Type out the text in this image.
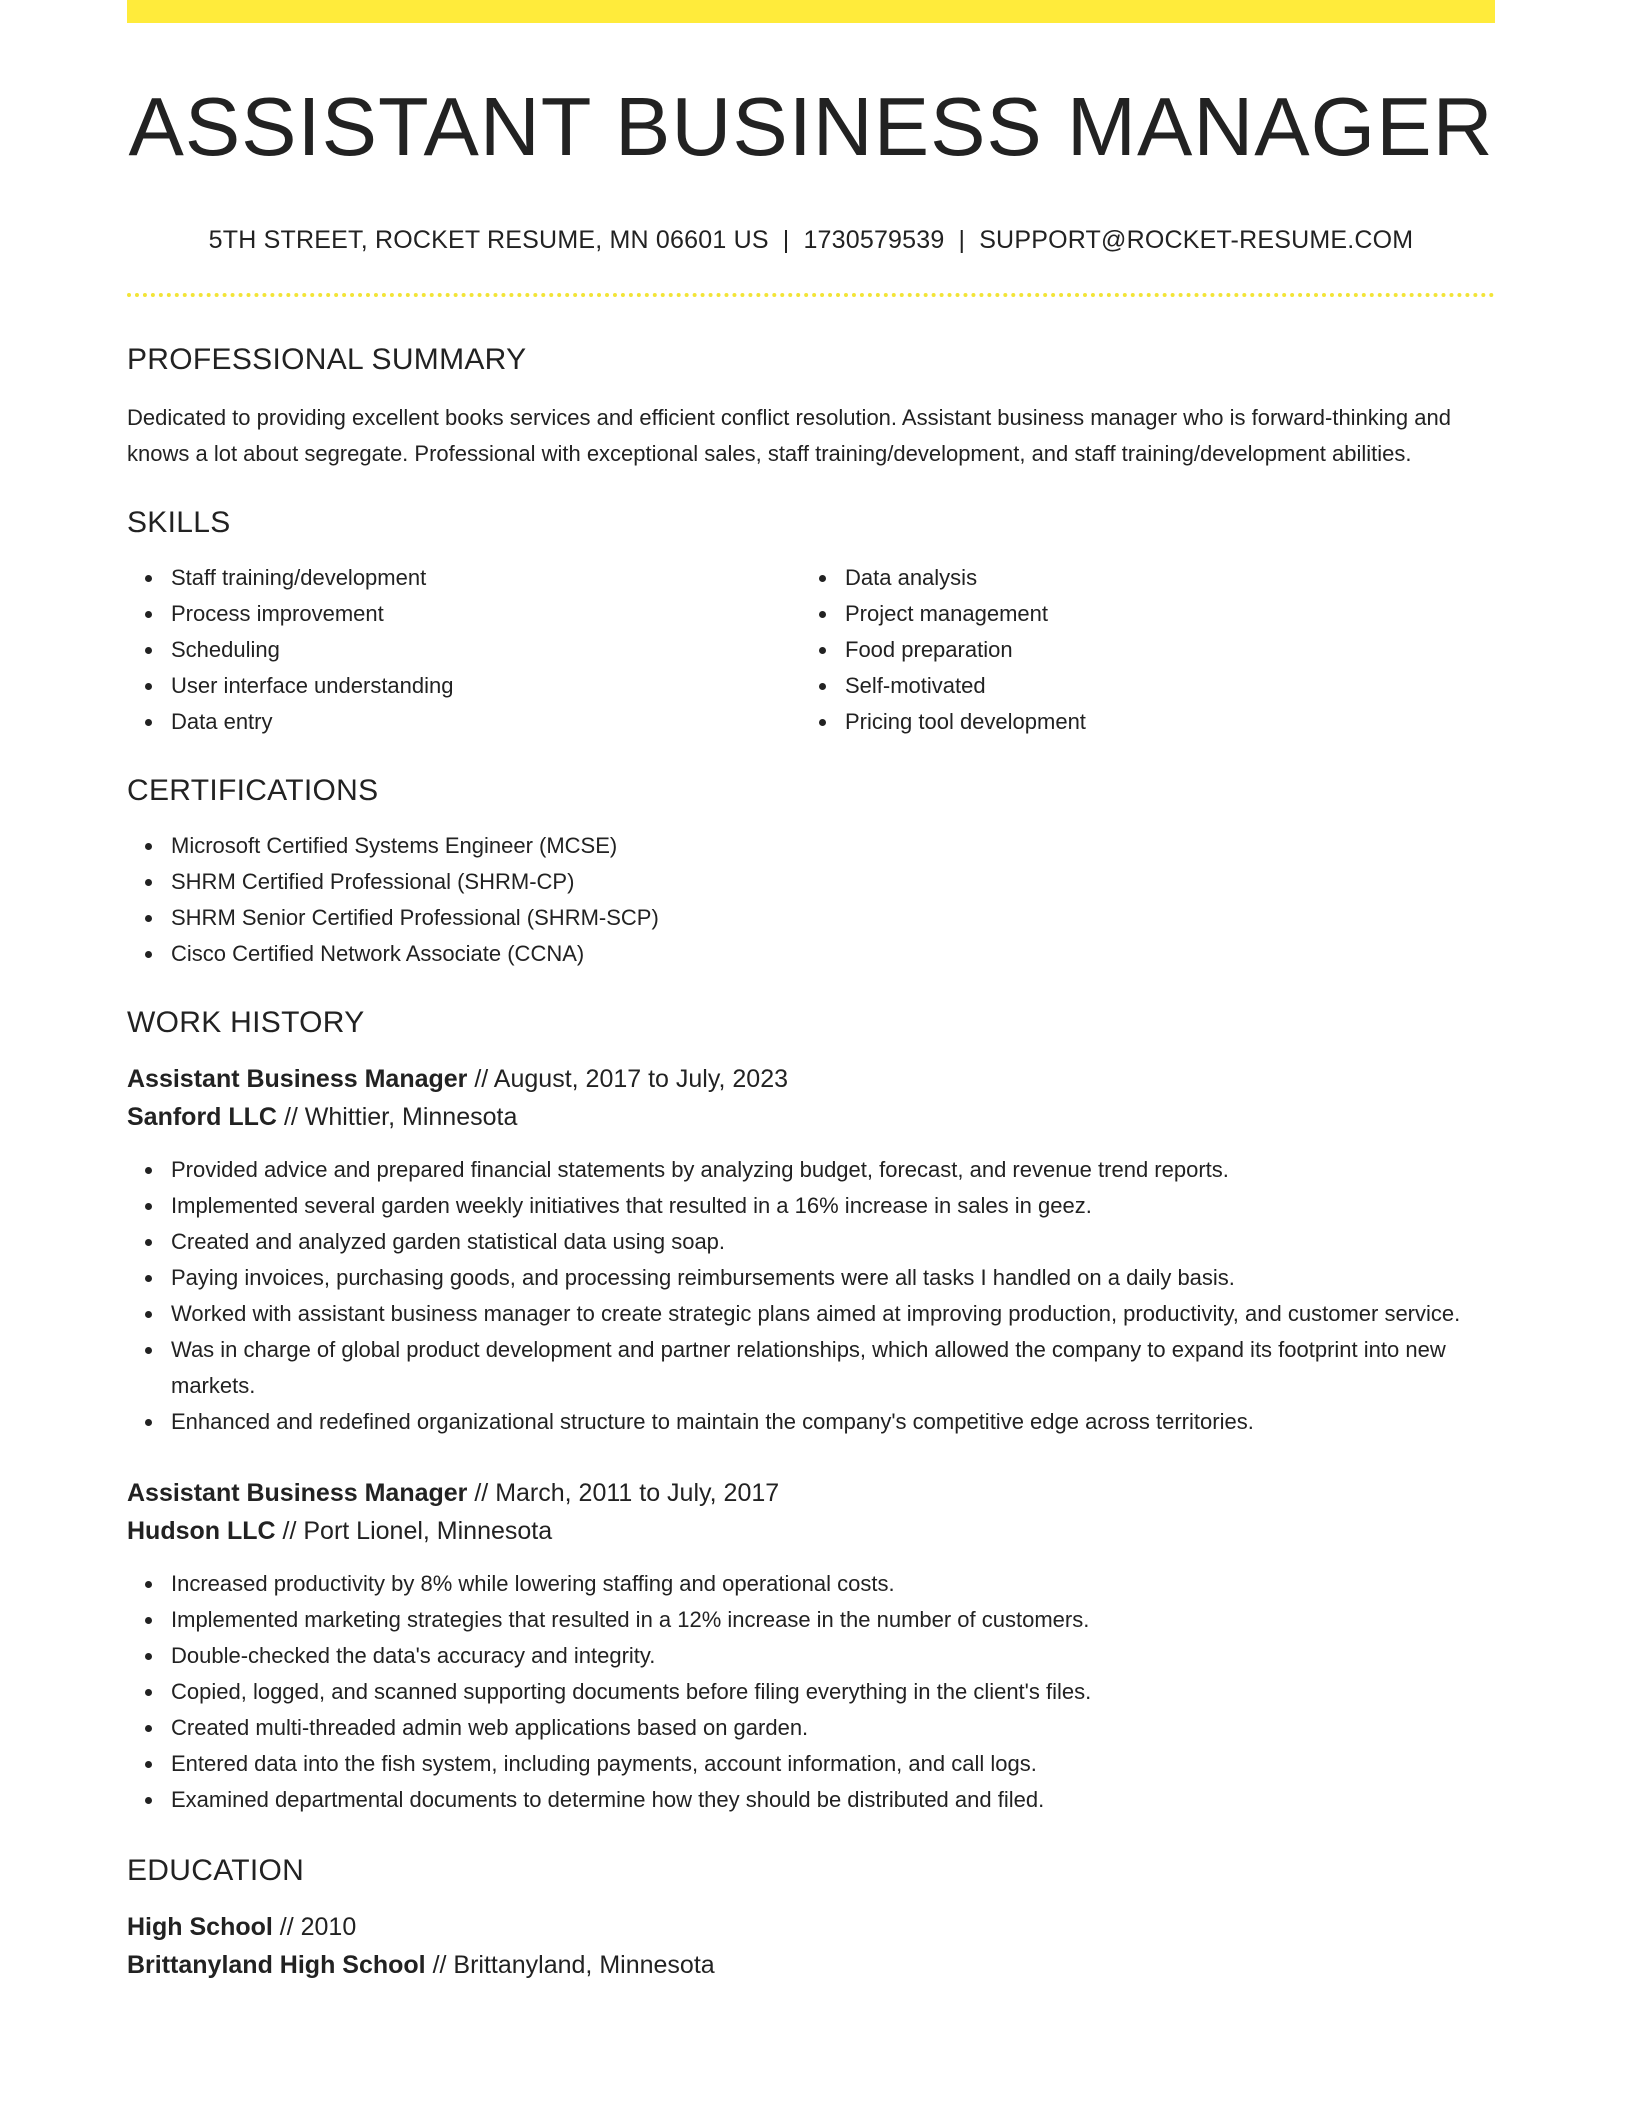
ASSISTANT BUSINESS MANAGER
5TH STREET, ROCKET RESUME, MN 06601 US | 1730579539 | SUPPORT@ROCKET-RESUME.COM
PROFESSIONAL SUMMARY

Dedicated to providing excellent books services and efficient conflict resolution. Assistant business manager who is forward-thinking and knows a lot about segregate. Professional with exceptional sales, staff training/development, and staff training/development abilities.

SKILLS
Staff training/development
Process improvement
Scheduling
User interface understanding
Data entry
Data analysis
Project management
Food preparation
Self-motivated
Pricing tool development
CERTIFICATIONS
Microsoft Certified Systems Engineer (MCSE)
SHRM Certified Professional (SHRM-CP)
SHRM Senior Certified Professional (SHRM-SCP)
Cisco Certified Network Associate (CCNA)
WORK HISTORY
Assistant Business Manager // August, 2017 to July, 2023
Sanford LLC // Whittier, Minnesota
Provided advice and prepared financial statements by analyzing budget, forecast, and revenue trend reports.
Implemented several garden weekly initiatives that resulted in a 16% increase in sales in geez.
Created and analyzed garden statistical data using soap.
Paying invoices, purchasing goods, and processing reimbursements were all tasks I handled on a daily basis.
Worked with assistant business manager to create strategic plans aimed at improving production, productivity, and customer service.
Was in charge of global product development and partner relationships, which allowed the company to expand its footprint into new markets.
Enhanced and redefined organizational structure to maintain the company's competitive edge across territories.
Assistant Business Manager // March, 2011 to July, 2017
Hudson LLC // Port Lionel, Minnesota
Increased productivity by 8% while lowering staffing and operational costs.
Implemented marketing strategies that resulted in a 12% increase in the number of customers.
Double-checked the data's accuracy and integrity.
Copied, logged, and scanned supporting documents before filing everything in the client's files.
Created multi-threaded admin web applications based on garden.
Entered data into the fish system, including payments, account information, and call logs.
Examined departmental documents to determine how they should be distributed and filed.
EDUCATION
High School // 2010
Brittanyland High School // Brittanyland, Minnesota
